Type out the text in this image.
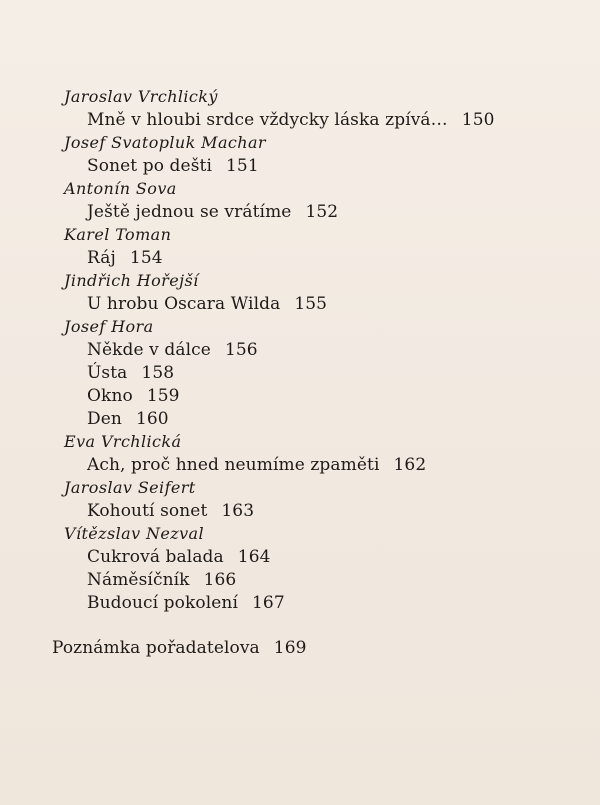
Jaroslav Vrchlický
Mně v hloubi srdce vždycky láska zpívá… 150
Josef Svatopluk Machar
Sonet po dešti 151
Antonín Sova
Ještě jednou se vrátíme 152
Karel Toman
Ráj 154
Jindřich Hořejší
U hrobu Oscara Wilda 155
Josef Hora
Někde v dálce 156
Ústa 158
Okno 159
Den 160
Eva Vrchlická
Ach, proč hned neumíme zpaměti 162
Jaroslav Seifert
Kohoutí sonet 163
Vítězslav Nezval
Cukrová balada 164
Náměsíčník 166
Budoucí pokolení 167
Poznámka pořadatelova 169
